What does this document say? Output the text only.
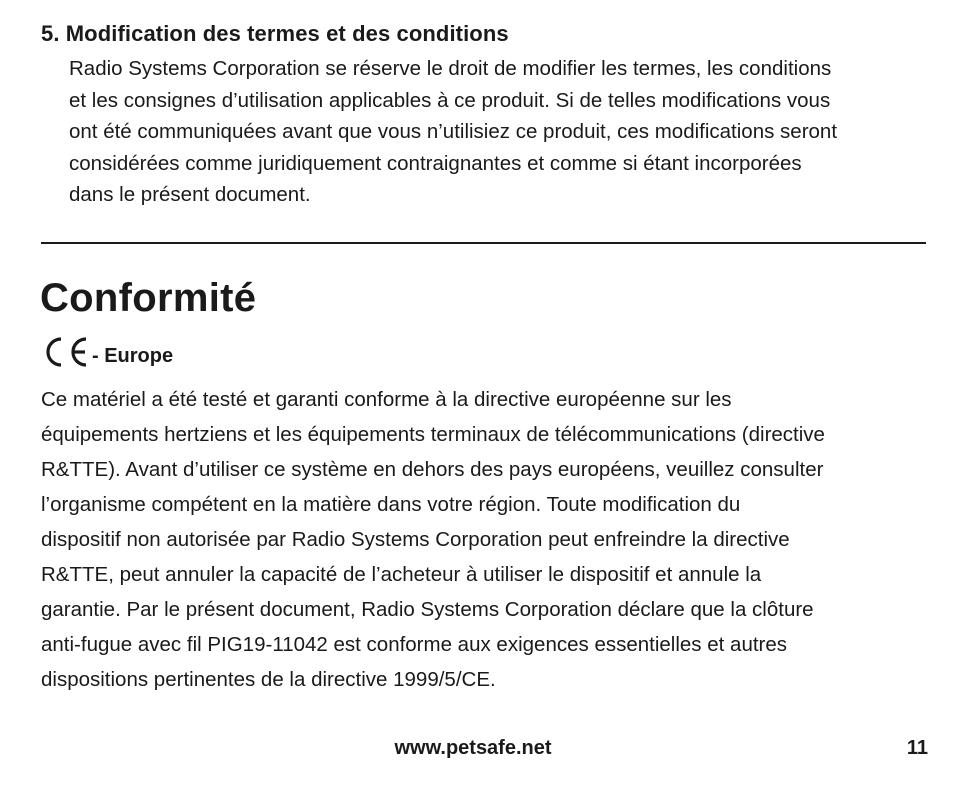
5. Modification des termes et des conditions

Radio Systems Corporation se réserve le droit de modifier les termes, les conditions
et les consignes d’utilisation applicables à ce produit. Si de telles modifications vous
ont été communiquées avant que vous n’utilisiez ce produit, ces modifications seront
considérées comme juridiquement contraignantes et comme si étant incorporées
dans le présent document.

Conformité
- Europe

Ce matériel a été testé et garanti conforme à la directive européenne sur les
équipements hertziens et les équipements terminaux de télécommunications (directive
R&TTE). Avant d’utiliser ce système en dehors des pays européens, veuillez consulter
l’organisme compétent en la matière dans votre région. Toute modification du
dispositif non autorisée par Radio Systems Corporation peut enfreindre la directive
R&TTE, peut annuler la capacité de l’acheteur à utiliser le dispositif et annule la
garantie. Par le présent document, Radio Systems Corporation déclare que la clôture
anti-fugue avec fil PIG19-11042 est conforme aux exigences essentielles et autres
dispositions pertinentes de la directive 1999/5/CE.

www.petsafe.net	11
